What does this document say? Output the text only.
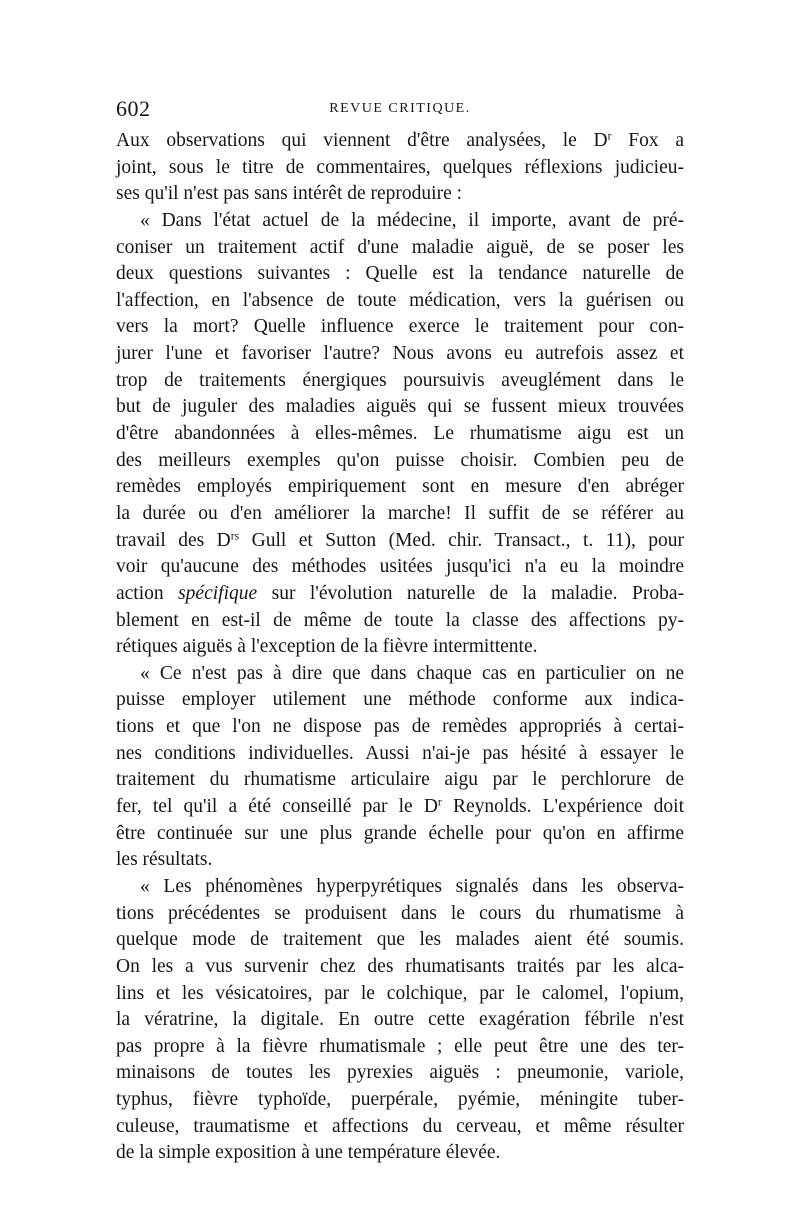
602	REVUE CRITIQUE.
Aux observations qui viennent d'être analysées, le $D^r$ Fox a
joint, sous le titre de commentaires, quelques réflexions judicieu-
ses qu'il n'est pas sans intérêt de reproduire :
« Dans l'état actuel de la médecine, il importe, avant de pré-
coniser un traitement actif d'une maladie aiguë, de se poser les
deux questions suivantes : Quelle est la tendance naturelle de
l'affection, en l'absence de toute médication, vers la guérisen ou
vers la mort? Quelle influence exerce le traitement pour con-
jurer l'une et favoriser l'autre? Nous avons eu autrefois assez et
trop de traitements énergiques poursuivis aveuglément dans le
but de juguler des maladies aiguës qui se fussent mieux trouvées
d'être abandonnées à elles-mêmes. Le rhumatisme aigu est un
des meilleurs exemples qu'on puisse choisir. Combien peu de
remèdes employés empiriquement sont en mesure d'en abréger
la durée ou d'en améliorer la marche! Il suffit de se référer au
travail des $D^{rs}$ Gull et Sutton (Med. chir. Transact., t. 11), pour
voir qu'aucune des méthodes usitées jusqu'ici n'a eu la moindre
action spécifique sur l'évolution naturelle de la maladie. Proba-
blement en est-il de même de toute la classe des affections py-
rétiques aiguës à l'exception de la fièvre intermittente.
« Ce n'est pas à dire que dans chaque cas en particulier on ne
puisse employer utilement une méthode conforme aux indica-
tions et que l'on ne dispose pas de remèdes appropriés à certai-
nes conditions individuelles. Aussi n'ai-je pas hésité à essayer le
traitement du rhumatisme articulaire aigu par le perchlorure de
fer, tel qu'il a été conseillé par le $D^r$ Reynolds. L'expérience doit
être continuée sur une plus grande échelle pour qu'on en affirme
les résultats.
« Les phénomènes hyperpyrétiques signalés dans les observa-
tions précédentes se produisent dans le cours du rhumatisme à
quelque mode de traitement que les malades aient été soumis.
On les a vus survenir chez des rhumatisants traités par les alca-
lins et les vésicatoires, par le colchique, par le calomel, l'opium,
la vératrine, la digitale. En outre cette exagération fébrile n'est
pas propre à la fièvre rhumatismale ; elle peut être une des ter-
minaisons de toutes les pyrexies aiguës : pneumonie, variole,
typhus, fièvre typhoïde, puerpérale, pyémie, méningite tuber-
culeuse, traumatisme et affections du cerveau, et même résulter
de la simple exposition à une température élevée.
